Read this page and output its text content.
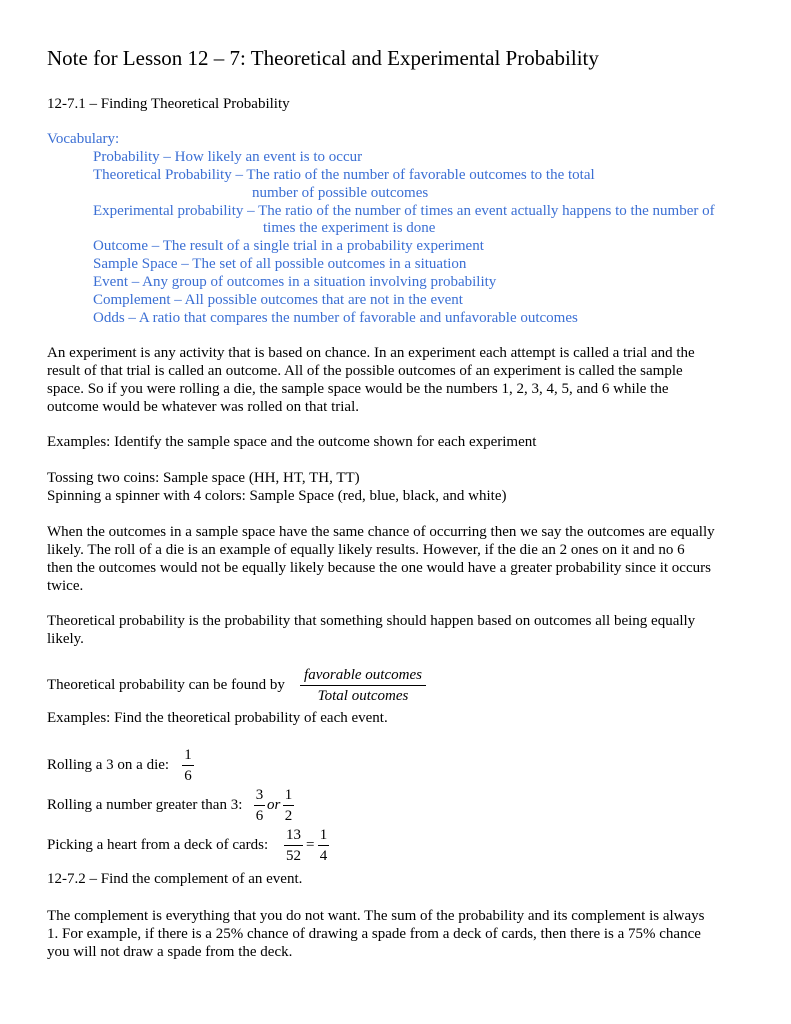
Note for Lesson 12 – 7: Theoretical and Experimental Probability
12-7.1 – Finding Theoretical Probability
Vocabulary:
Probability – How likely an event is to occur
Theoretical Probability – The ratio of the number of favorable outcomes to the total
number of possible outcomes
Experimental probability – The ratio of the number of times an event actually happens to the number of
times the experiment is done
Outcome – The result of a single trial in a probability experiment
Sample Space – The set of all possible outcomes in a situation
Event – Any group of outcomes in a situation involving probability
Complement – All possible outcomes that are not in the event
Odds – A ratio that compares the number of favorable and unfavorable outcomes
An experiment is any activity that is based on chance. In an experiment each attempt is called a trial and the
result of that trial is called an outcome. All of the possible outcomes of an experiment is called the sample
space. So if you were rolling a die, the sample space would be the numbers 1, 2, 3, 4, 5, and 6 while the
outcome would be whatever was rolled on that trial.
Examples: Identify the sample space and the outcome shown for each experiment
Tossing two coins: Sample space (HH, HT, TH, TT)
Spinning a spinner with 4 colors: Sample Space (red, blue, black, and white)
When the outcomes in a sample space have the same chance of occurring then we say the outcomes are equally
likely. The roll of a die is an example of equally likely results. However, if the die an 2 ones on it and no 6
then the outcomes would not be equally likely because the one would have a greater probability since it occurs
twice.
Theoretical probability is the probability that something should happen based on outcomes all being equally
likely.
Theoretical probability can be found by
favorable outcomes
Total outcomes
Examples: Find the theoretical probability of each event.
Rolling a 3 on a die:
1
6
Rolling a number greater than 3:
3
6
or
1
2
Picking a heart from a deck of cards:
13
52
=
1
4
12-7.2 – Find the complement of an event.
The complement is everything that you do not want. The sum of the probability and its complement is always
1. For example, if there is a 25% chance of drawing a spade from a deck of cards, then there is a 75% chance
you will not draw a spade from the deck.
